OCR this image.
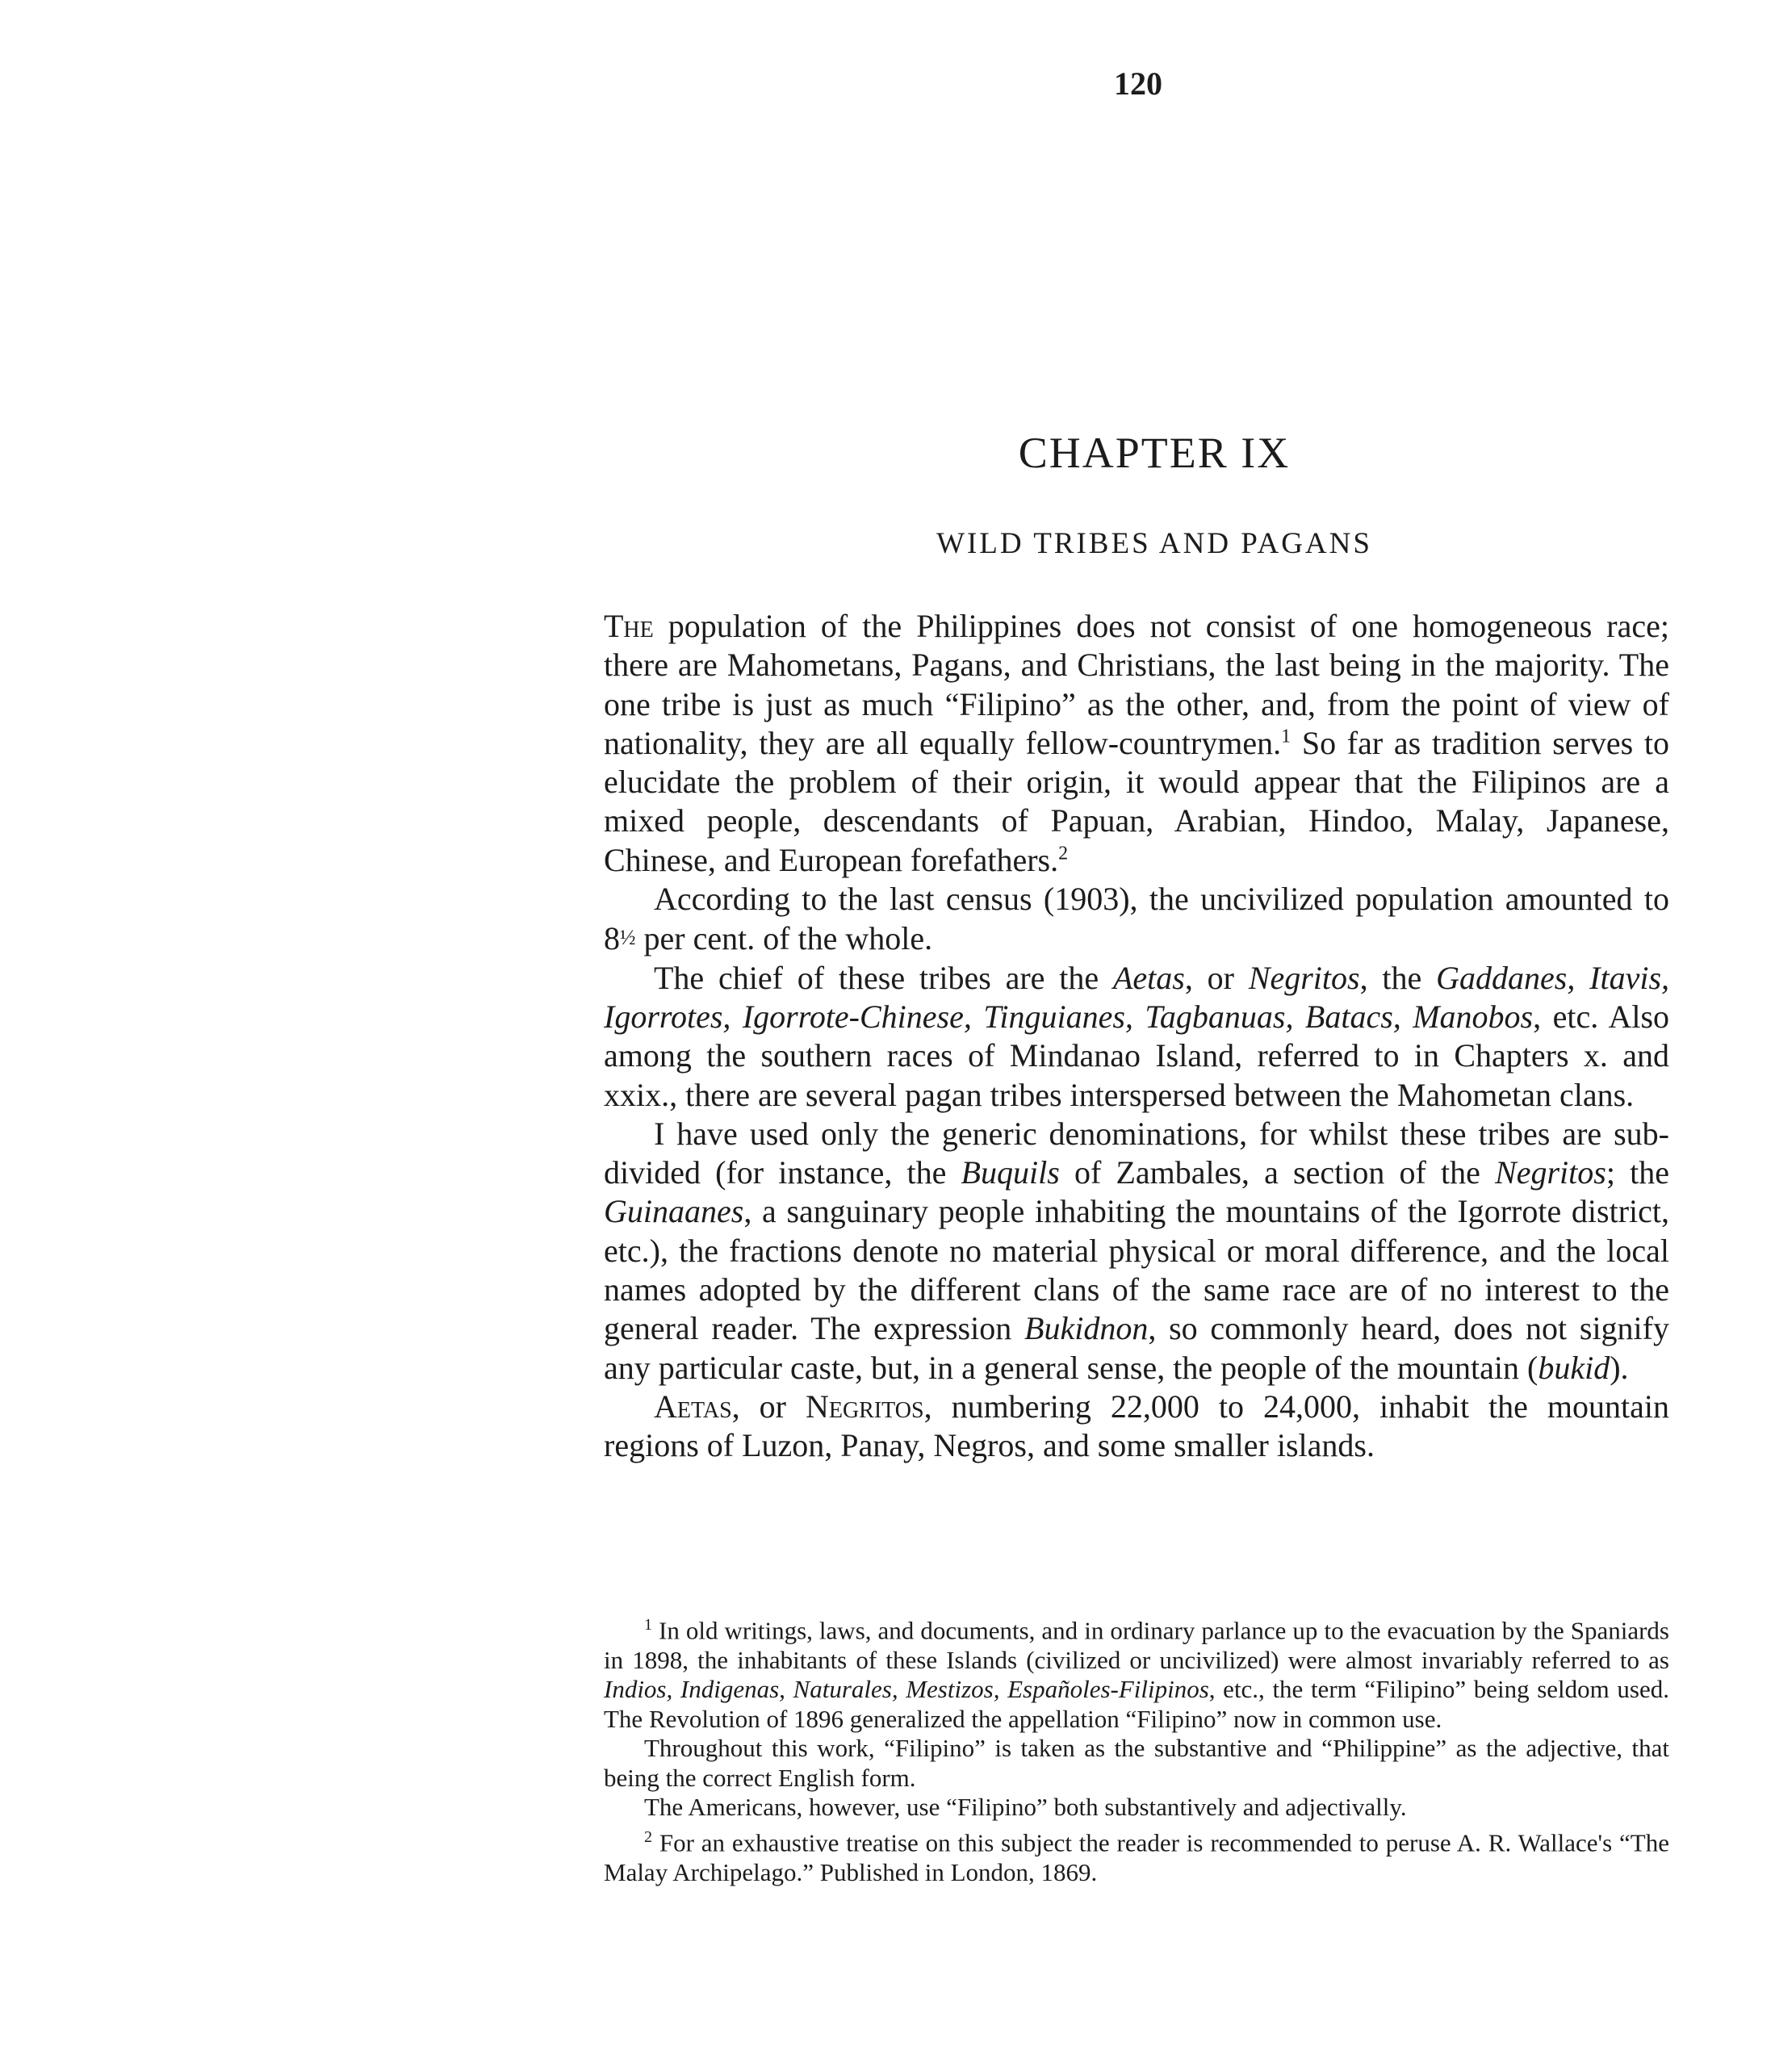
120
CHAPTER IX
WILD TRIBES AND PAGANS

The population of the Philippines does not consist of one homogeneous race; there are Mahometans, Pagans, and Christians, the last being in the majority. The one tribe is just as much “Filipino” as the other, and, from the point of view of nationality, they are all equally fellow-countrymen.$^1$ So far as tradition serves to elucidate the problem of their origin, it would appear that the Filipinos are a mixed people, descendants of Papuan, Arabian, Hindoo, Malay, Japanese, Chinese, and European forefathers.$^2$

According to the last census (1903), the uncivilized population amounted to 8½ per cent. of the whole.

The chief of these tribes are the Aetas, or Negritos, the Gaddanes, Itavis, Igorrotes, Igorrote-Chinese, Tinguianes, Tagbanuas, Batacs, Manobos, etc. Also among the southern races of Mindanao Island, referred to in Chapters x. and xxix., there are several pagan tribes interspersed between the Mahometan clans.

I have used only the generic denominations, for whilst these tribes are sub-divided (for instance, the Buquils of Zambales, a section of the Negritos; the Guinaanes, a sanguinary people inhabiting the mountains of the Igorrote district, etc.), the fractions denote no material physical or moral difference, and the local names adopted by the different clans of the same race are of no interest to the general reader. The expression Bukidnon, so commonly heard, does not signify any particular caste, but, in a general sense, the people of the mountain (bukid).

Aetas, or Negritos, numbering 22,000 to 24,000, inhabit the mountain regions of Luzon, Panay, Negros, and some smaller islands.

$^1$ In old writings, laws, and documents, and in ordinary parlance up to the evacuation by the Spaniards in 1898, the inhabitants of these Islands (civilized or uncivilized) were almost invariably referred to as Indios, Indigenas, Naturales, Mestizos, Españoles-Filipinos, etc., the term “Filipino” being seldom used. The Revolution of 1896 generalized the appellation “Filipino” now in common use.

Throughout this work, “Filipino” is taken as the substantive and “Philippine” as the adjective, that being the correct English form.

The Americans, however, use “Filipino” both substantively and adjectivally.

$^2$ For an exhaustive treatise on this subject the reader is recommended to peruse A. R. Wallace's “The Malay Archipelago.” Published in London, 1869.
